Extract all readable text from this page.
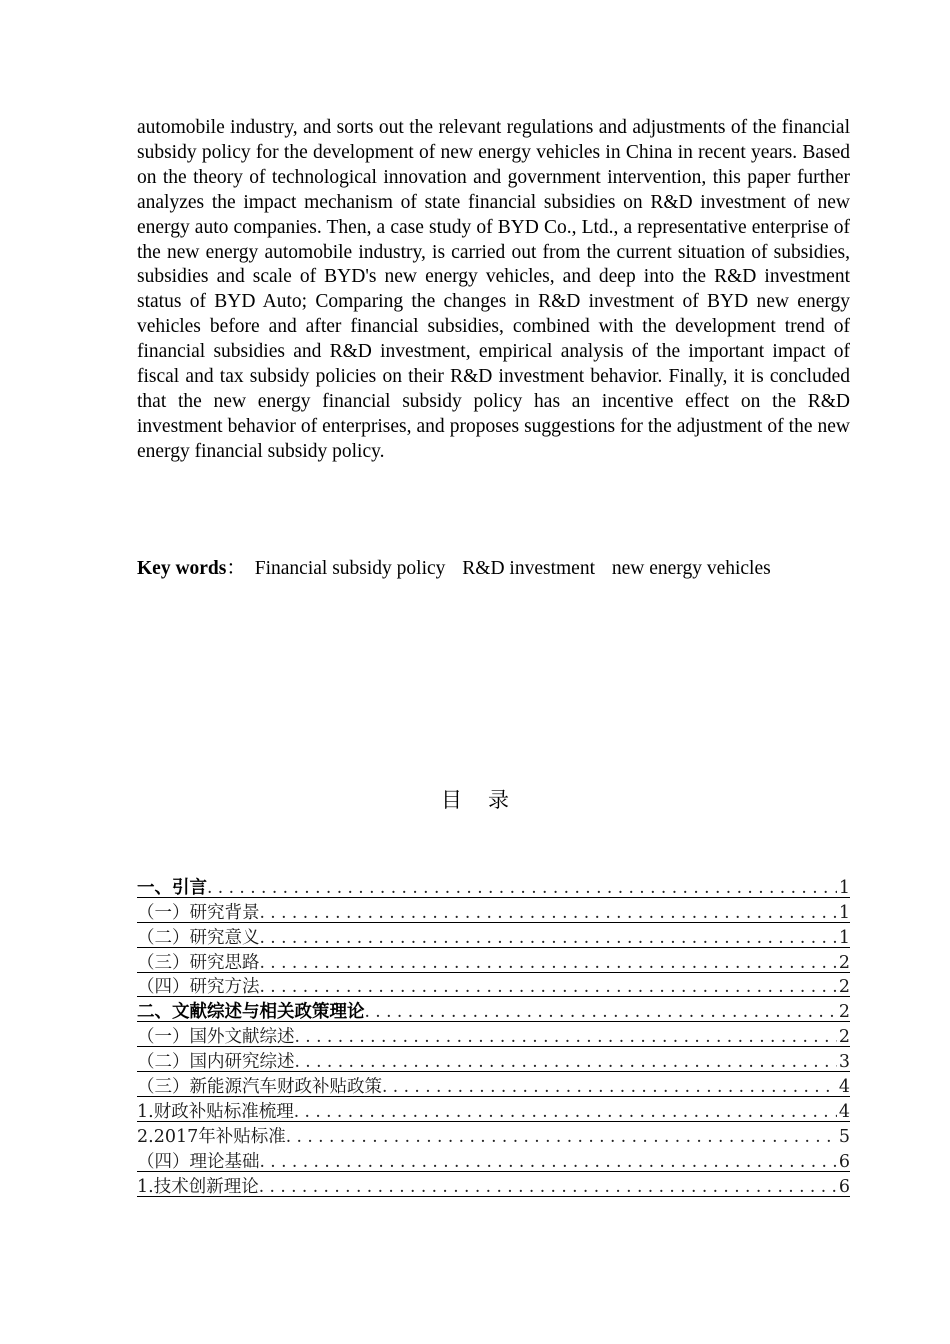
automobile industry, and sorts out the relevant regulations and adjustments of the financial subsidy policy for the development of new energy vehicles in China in recent years. Based on the theory of technological innovation and government intervention, this paper further analyzes the impact mechanism of state financial subsidies on R&D investment of new energy auto companies. Then, a case study of BYD Co., Ltd., a representative enterprise of the new energy automobile industry, is carried out from the current situation of subsidies, subsidies and scale of BYD's new energy vehicles, and deep into the R&D investment status of BYD Auto; Comparing the changes in R&D investment of BYD new energy vehicles before and after financial subsidies, combined with the development trend of financial subsidies and R&D investment, empirical analysis of the important impact of fiscal and tax subsidy policies on their R&D investment behavior. Finally, it is concluded that the new energy financial subsidy policy has an incentive effect on the R&D investment behavior of enterprises, and proposes suggestions for the adjustment of the new energy financial subsidy policy.

Key words： Financial subsidy policy R&D investment new energy vehicles
目录
一、引言 . . .	1
（一）研究背景 . . .	1
（二）研究意义 . . .	1
（三）研究思路 . . .	2
（四）研究方法 . . .	2
二、文献综述与相关政策理论 . . .	2
（一）国外文献综述 . . .	2
（二）国内研究综述 . . .	3
（三）新能源汽车财政补贴政策 . . .	4
1.财政补贴标准梳理 . . .	4
2.2017年补贴标准 . . .	5
（四）理论基础 . . .	6
1.技术创新理论 . . .	6
